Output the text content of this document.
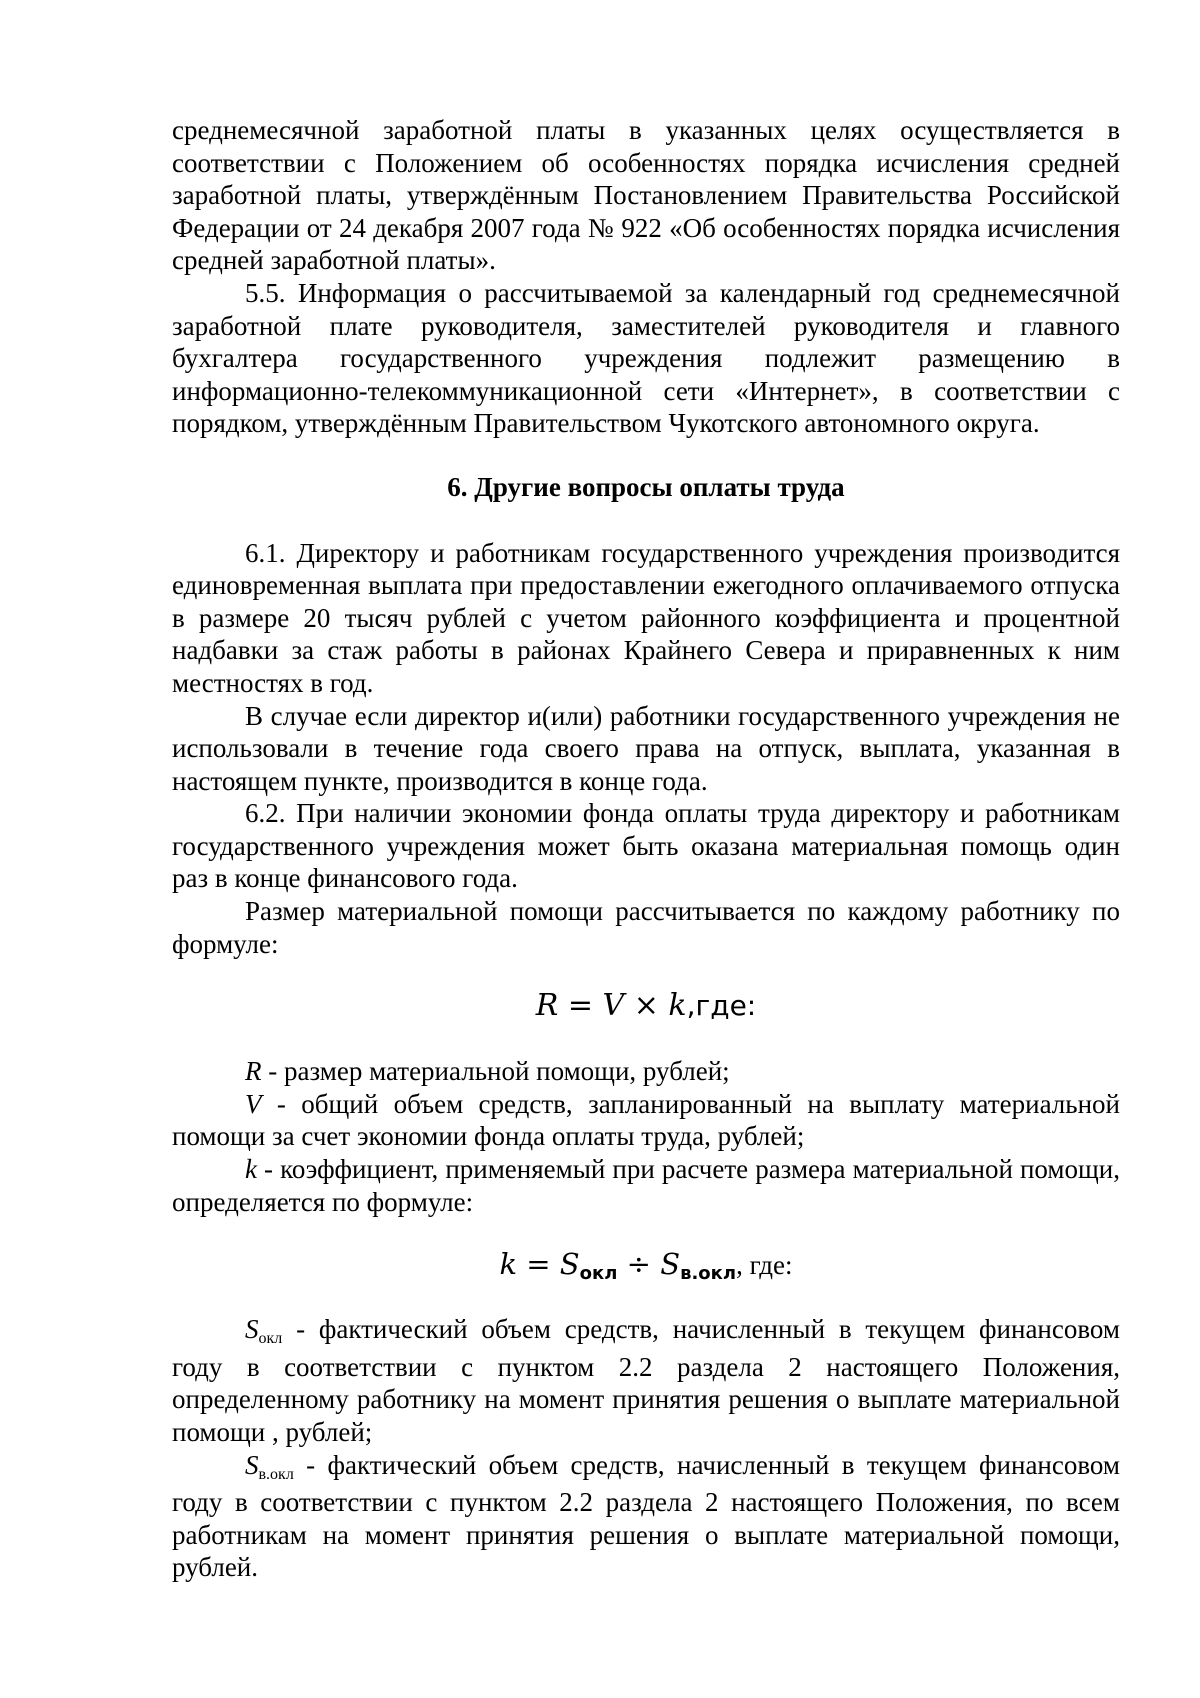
среднемесячной заработной платы в указанных целях осуществляется в соответствии с Положением об особенностях порядка исчисления средней заработной платы, утверждённым Постановлением Правительства Российской Федерации от 24 декабря 2007 года № 922 «Об особенностях порядка исчисления средней заработной платы».

5.5. Информация о рассчитываемой за календарный год среднемесячной заработной плате руководителя, заместителей руководителя и главного бухгалтера государственного учреждения подлежит размещению в информационно-телекоммуникационной сети «Интернет», в соответствии с порядком, утверждённым Правительством Чукотского автономного округа.

6. Другие вопросы оплаты труда

6.1. Директору и работникам государственного учреждения производится единовременная выплата при предоставлении ежегодного оплачиваемого отпуска в размере 20 тысяч рублей с учетом районного коэффициента и процентной надбавки за стаж работы в районах Крайнего Севера и приравненных к ним местностях в год.

В случае если директор и(или) работники государственного учреждения не использовали в течение года своего права на отпуск, выплата, указанная в настоящем пункте, производится в конце года.

6.2. При наличии экономии фонда оплаты труда директору и работникам государственного учреждения может быть оказана материальная помощь один раз в конце финансового года.

Размер материальной помощи рассчитывается по каждому работнику по формуле:

R = V × k,где:

R - размер материальной помощи, рублей;

V - общий объем средств, запланированный на выплату материальной помощи за счет экономии фонда оплаты труда, рублей;

k - коэффициент, применяемый при расчете размера материальной помощи, определяется по формуле:

k = Sокл ÷ Sв.окл, где:

Sокл - фактический объем средств, начисленный в текущем финансовом году в соответствии с пунктом 2.2 раздела 2 настоящего Положения, определенному работнику на момент принятия решения о выплате материальной помощи , рублей;

Sв.окл - фактический объем средств, начисленный в текущем финансовом году в соответствии с пунктом 2.2 раздела 2 настоящего Положения, по всем работникам на момент принятия решения о выплате материальной помощи, рублей.
